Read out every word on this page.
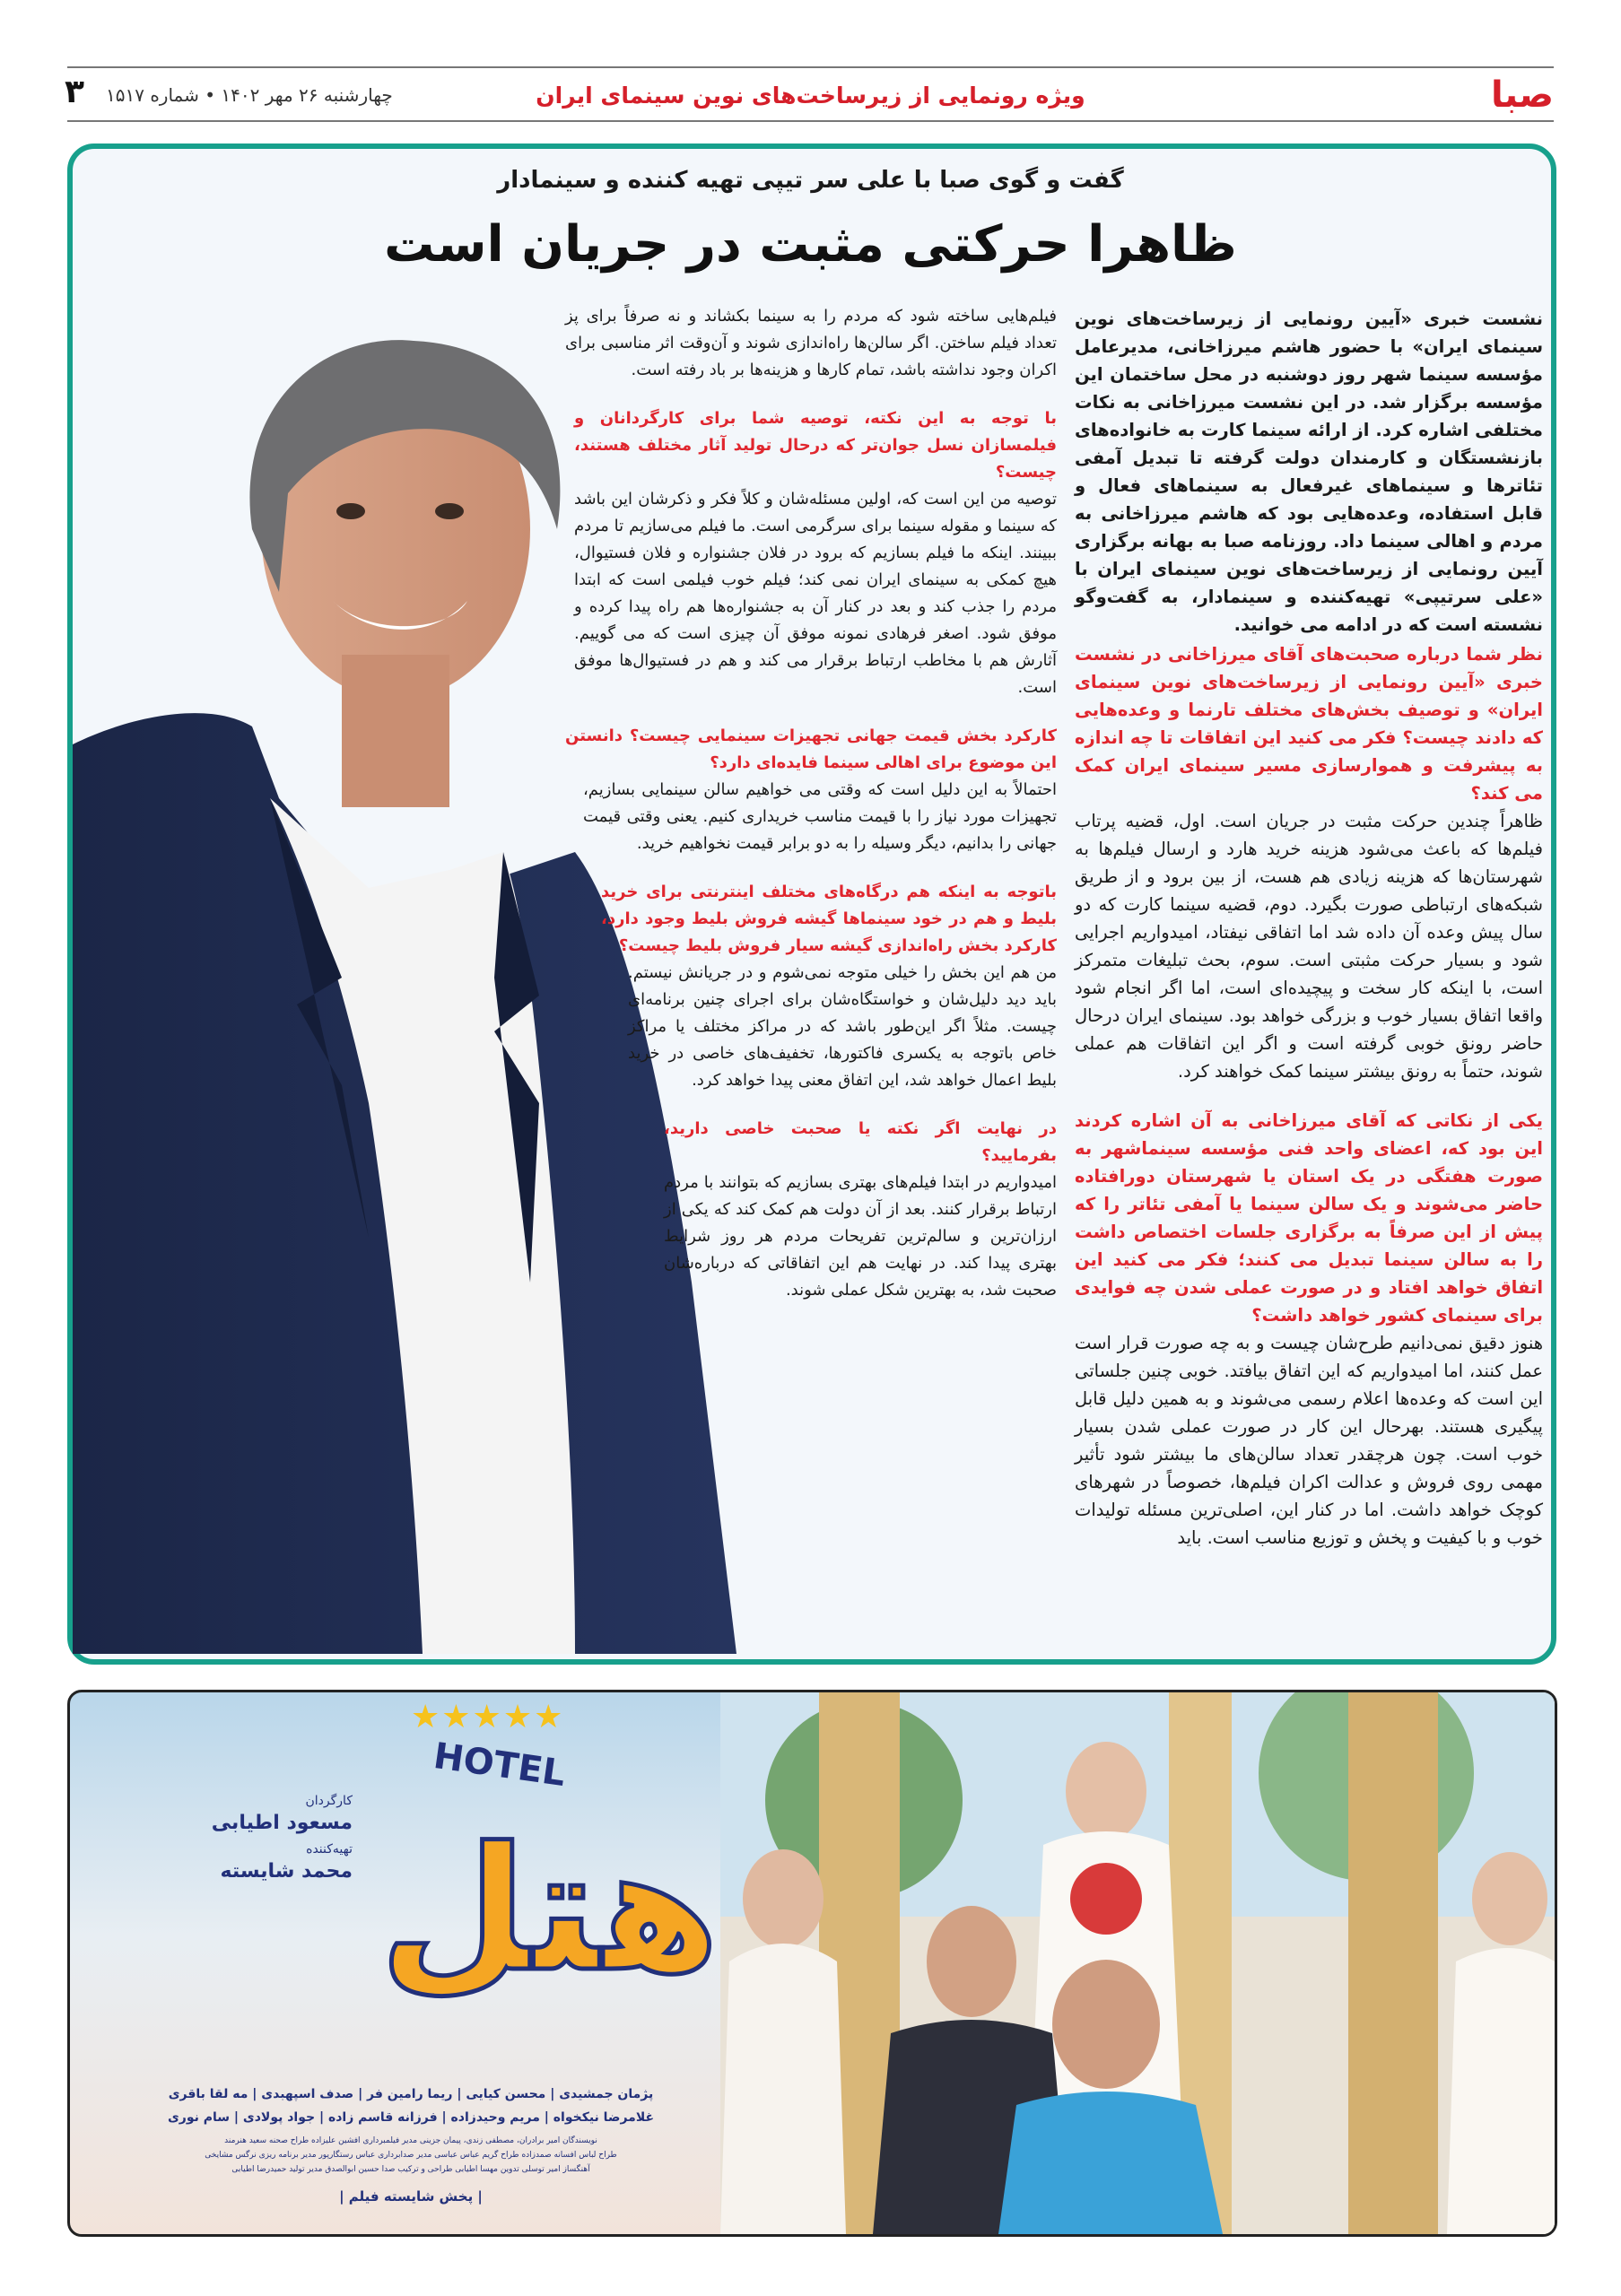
صبا
ویژه رونمایی از زیرساخت‌های نوین سینمای ایران
چهارشنبه ۲۶ مهر ۱۴۰۲ • شماره ۱۵۱۷
۳
گفت و گوی صبا با علی سر تیپی تهیه کننده و سینمادار
ظاهرا حرکتی مثبت در جریان است

نشست خبری «آیین رونمایی از زیرساخت‌های نوین سینمای ایران» با حضور هاشم میرزاخانی، مدیرعامل مؤسسه سینما شهر روز دوشنبه در محل ساختمان این مؤسسه برگزار شد. در این نشست میرزاخانی به نکات مختلفی اشاره کرد. از ارائه سینما کارت به خانواده‌های بازنشستگان و کارمندان دولت گرفته تا تبدیل آمفی تئاترها و سینماهای غیرفعال به سینماهای فعال و قابل استفاده، وعده‌هایی بود که هاشم میرزاخانی به مردم و اهالی سینما داد. روزنامه صبا به بهانه برگزاری آیین رونمایی از زیرساخت‌های نوین سینمای ایران با «علی سرتیپی» تهیه‌کننده و سینمادار، به گفت‌وگو نشسته است که در ادامه می خوانید.

نظر شما درباره صحبت‌های آقای میرزاخانی در نشست خبری «آیین رونمایی از زیرساخت‌های نوین سینمای ایران» و توصیف بخش‌های مختلف تارنما و وعده‌هایی که دادند چیست؟ فکر می کنید این اتفاقات تا چه اندازه به پیشرفت و هموارسازی مسیر سینمای ایران کمک می کند؟

ظاهراً چندین حرکت مثبت در جریان است. اول، قضیه پرتاب فیلم‌ها که باعث می‌شود هزینه خرید هارد و ارسال فیلم‌ها به شهرستان‌ها که هزینه زیادی هم هست، از بین برود و از طریق شبکه‌های ارتباطی صورت بگیرد. دوم، قضیه سینما کارت که دو سال پیش وعده آن داده شد اما اتفاقی نیفتاد، امیدواریم اجرایی شود و بسیار حرکت مثبتی است. سوم، بحث تبلیغات متمرکز است، با اینکه کار سخت و پیچیده‌ای است، اما اگر انجام شود واقعا اتفاق بسیار خوب و بزرگی خواهد بود. سینمای ایران درحال حاضر رونق خوبی گرفته است و اگر این اتفاقات هم عملی شوند، حتماً به رونق بیشتر سینما کمک خواهند کرد.

یکی از نکاتی که آقای میرزاخانی به آن اشاره کردند این بود که، اعضای واحد فنی مؤسسه سینماشهر به صورت هفتگی در یک استان یا شهرستان دورافتاده حاضر می‌شوند و یک سالن سینما یا آمفی تئاتر را که پیش از این صرفاً به برگزاری جلسات اختصاص داشت را به سالن سینما تبدیل می کنند؛ فکر می کنید این اتفاق خواهد افتاد و در صورت عملی شدن چه فوایدی برای سینمای کشور خواهد داشت؟

هنوز دقیق نمی‌دانیم طرح‌شان چیست و به چه صورت قرار است عمل کنند، اما امیدواریم که این اتفاق بیافتد. خوبی چنین جلساتی این است که وعده‌ها اعلام رسمی می‌شوند و به همین دلیل قابل پیگیری هستند. بهرحال این کار در صورت عملی شدن بسیار خوب است. چون هرچقدر تعداد سالن‌های ما بیشتر شود تأثیر مهمی روی فروش و عدالت اکران فیلم‌ها، خصوصاً در شهرهای کوچک خواهد داشت. اما در کنار این، اصلی‌ترین مسئله تولیدات خوب و با کیفیت و پخش و توزیع مناسب است. باید

فیلم‌هایی ساخته شود که مردم را به سینما بکشاند و نه صرفاً برای پز تعداد فیلم ساختن. اگر سالن‌ها راه‌اندازی شوند و آن‌وقت اثر مناسبی برای اکران وجود نداشته باشد، تمام کارها و هزینه‌ها بر باد رفته است.

با توجه به این نکته، توصیه شما برای کارگردانان و فیلمسازان نسل جوان‌تر که درحال تولید آثار مختلف هستند، چیست؟

توصیه من این است که، اولین مسئله‌شان و کلاً فکر و ذکرشان این باشد که سینما و مقوله سینما برای سرگرمی است. ما فیلم می‌سازیم تا مردم ببینند. اینکه ما فیلم بسازیم که برود در فلان جشنواره و فلان فستیوال، هیچ کمکی به سینمای ایران نمی کند؛ فیلم خوب فیلمی است که ابتدا مردم را جذب کند و بعد در کنار آن به جشنواره‌ها هم راه پیدا کرده و موفق شود. اصغر فرهادی نمونه موفق آن چیزی است که می گوییم. آثارش هم با مخاطب ارتباط برقرار می کند و هم در فستیوال‌ها موفق است.

کارکرد بخش قیمت جهانی تجهیزات سینمایی چیست؟ دانستن این موضوع برای اهالی سینما فایده‌ای دارد؟

احتمالاً به این دلیل است که وقتی می خواهیم سالن سینمایی بسازیم، تجهیزات مورد نیاز را با قیمت مناسب خریداری کنیم. یعنی وقتی قیمت جهانی را بدانیم، دیگر وسیله را به دو برابر قیمت نخواهیم خرید.

باتوجه به اینکه هم درگاه‌های مختلف اینترنتی برای خرید بلیط و هم در خود سینماها گیشه فروش بلیط وجود دارد، کارکرد بخش راه‌اندازی گیشه سیار فروش بلیط چیست؟

من هم این بخش را خیلی متوجه نمی‌شوم و در جریانش نیستم. باید دید دلیل‌شان و خواستگاه‌شان برای اجرای چنین برنامه‌ای چیست. مثلاً اگر این‌طور باشد که در مراکز مختلف یا مراکز خاص باتوجه به یکسری فاکتورها، تخفیف‌های خاصی در خرید بلیط اعمال خواهد شد، این اتفاق معنی پیدا خواهد کرد.

در نهایت اگر نکته یا صحبت خاصی دارید، بفرمایید؟

امیدواریم در ابتدا فیلم‌های بهتری بسازیم که بتوانند با مردم ارتباط برقرار کنند. بعد از آن دولت هم کمک کند که یکی از ارزان‌ترین و سالم‌ترین تفریحات مردم هر روز شرایط بهتری پیدا کند. در نهایت هم این اتفاقاتی که درباره‌شان صحبت شد، به بهترین شکل عملی شوند.

★★★★★
HOTEL
هتل
کارگردان
مسعود اطیابی
تهیه‌کننده
محمد شایسته
پژمان جمشیدی | محسن کیایی | ریما رامین فر | صدف اسپهبدی | مه لقا باقری
غلامرضا نیکخواه | مریم وحیدزاده | فرزانه قاسم زاده | جواد پولادی | سام نوری
نویسندگان امیر برادران، مصطفی زندی، پیمان جزینی مدیر فیلمبرداری افشین علیزاده طراح صحنه سعید هنرمند
طراح لباس افسانه صمدزاده طراح گریم عباس عباسی مدیر صدابرداری عباس رستگارپور مدیر برنامه ریزی نرگس مشایخی
آهنگساز امیر توسلی تدوین مهسا اطیابی طراحی و ترکیب صدا حسین ابوالصدق مدیر تولید حمیدرضا اطیابی
| پخش شایسته فیلم |
